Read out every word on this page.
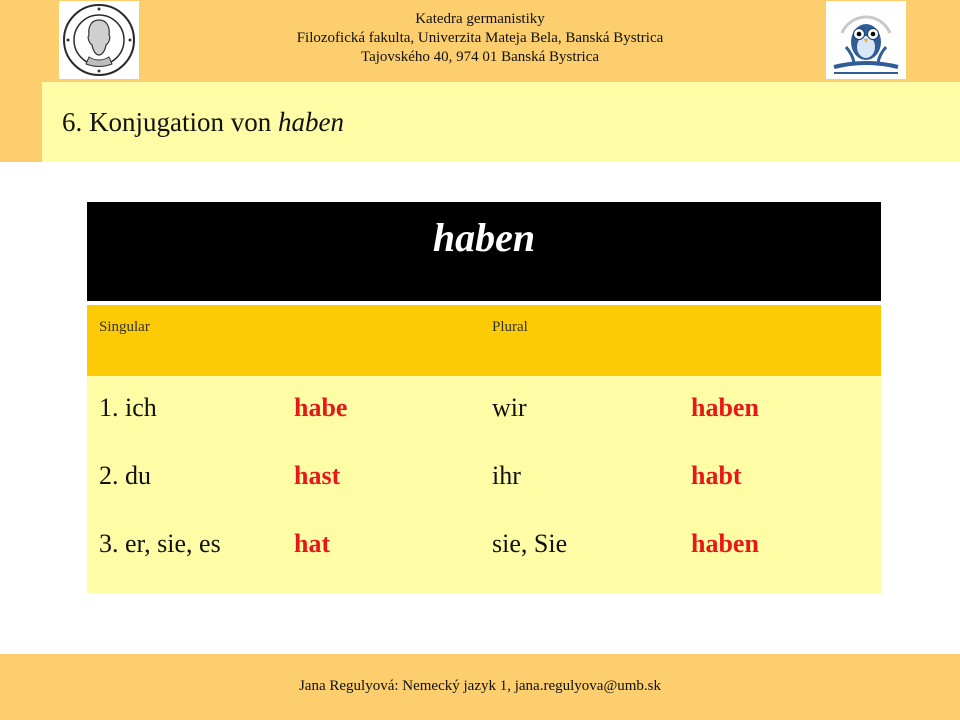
Katedra germanistiky
Filozofická fakulta, Univerzita Mateja Bela, Banská Bystrica
Tajovského 40, 974 01 Banská Bystrica
6. Konjugation von haben
haben
Singular	Plural
1. ich	habe	wir	haben
2. du	hast	ihr	habt
3. er, sie, es	hat	sie, Sie	haben
Jana Regulyová: Nemecký jazyk 1, jana.regulyova@umb.sk
